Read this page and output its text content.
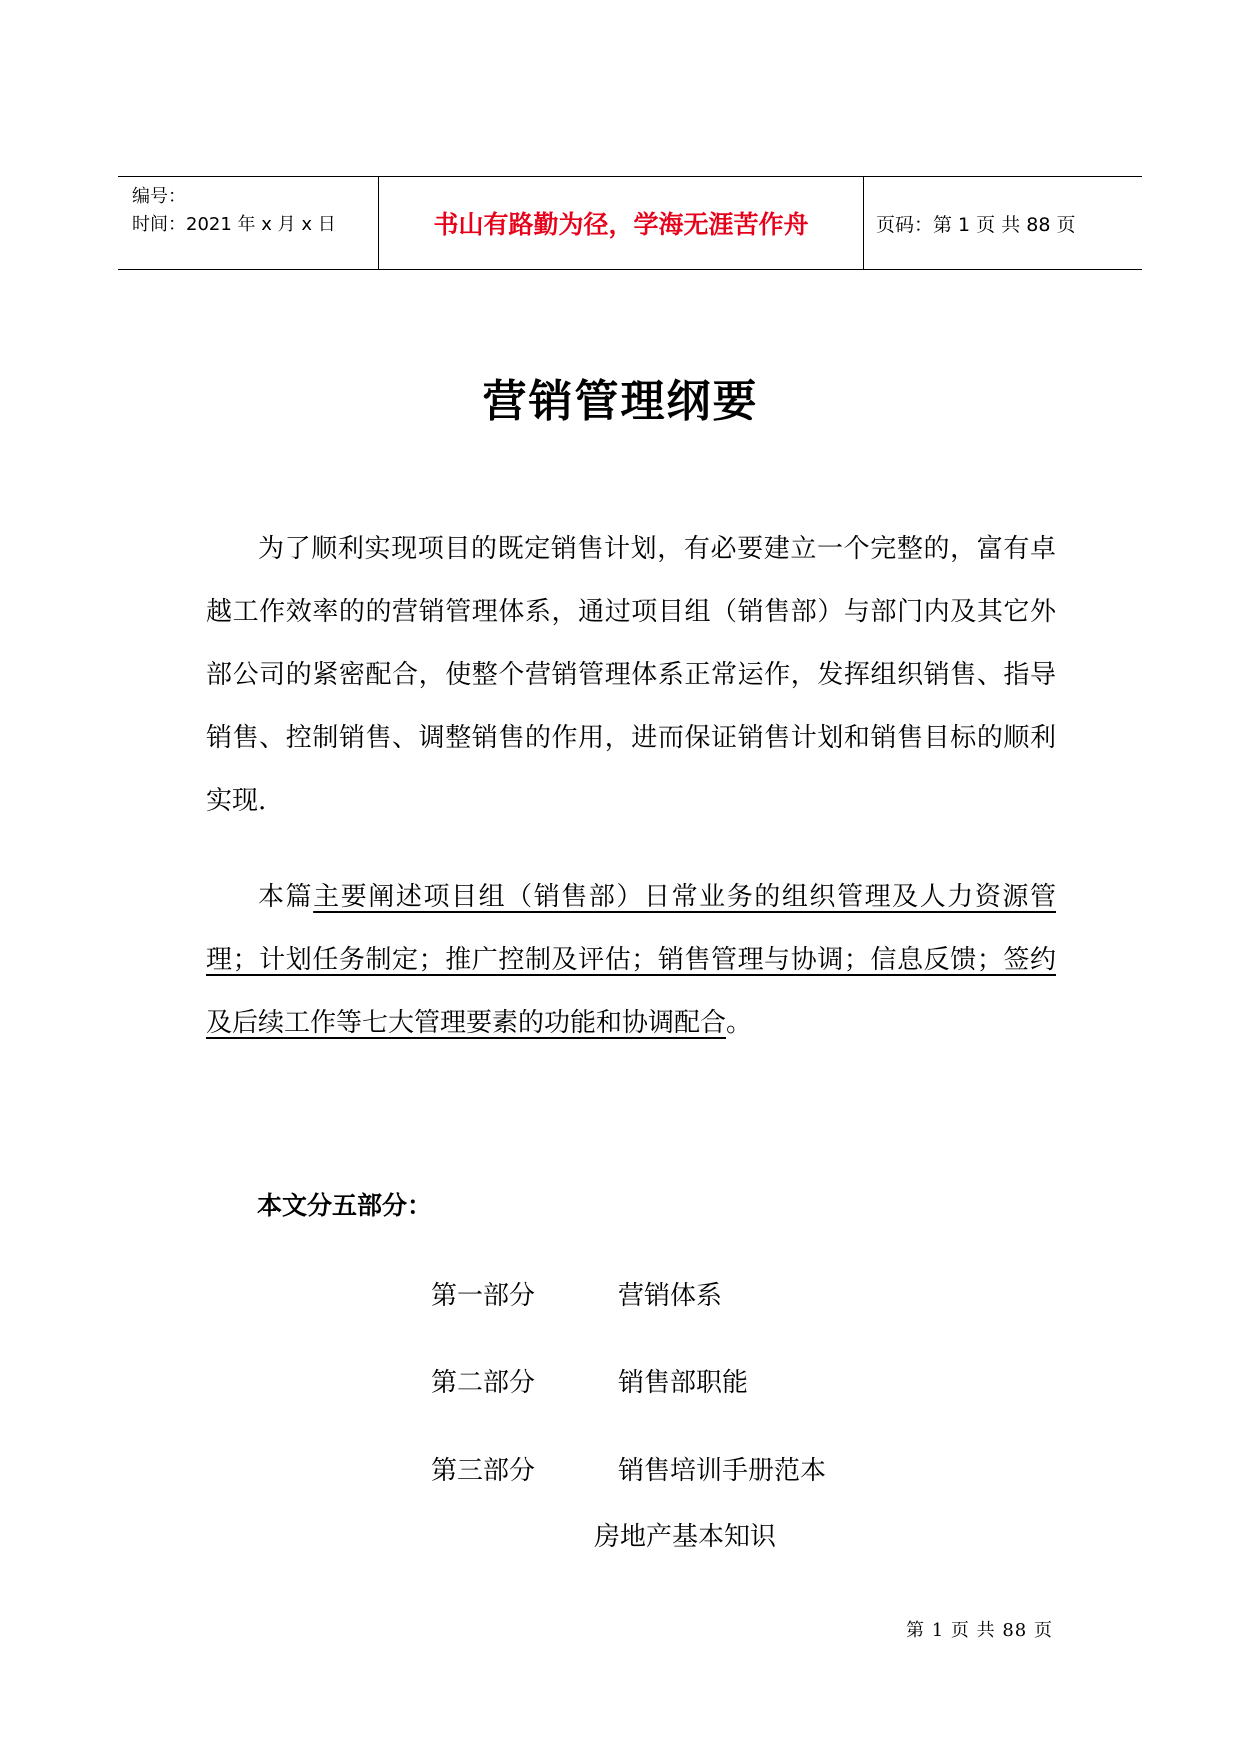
编号：
时间：2021 年 x 月 x 日	书山有路勤为径，学海无涯苦作舟	页码：第 1 页 共 88 页
营销管理纲要
为了顺利实现项目的既定销售计划，有必要建立一个完整的，富有卓越工作效率的的营销管理体系，通过项目组（销售部）与部门内及其它外部公司的紧密配合，使整个营销管理体系正常运作，发挥组织销售、指导销售、控制销售、调整销售的作用，进而保证销售计划和销售目标的顺利实现.
本篇主要阐述项目组（销售部）日常业务的组织管理及人力资源管理；计划任务制定；推广控制及评估；销售管理与协调；信息反馈；签约及后续工作等七大管理要素的功能和协调配合。
本文分五部分：
第一部分	营销体系
第二部分	销售部职能
第三部分	销售培训手册范本
房地产基本知识
第 1 页 共 88 页
